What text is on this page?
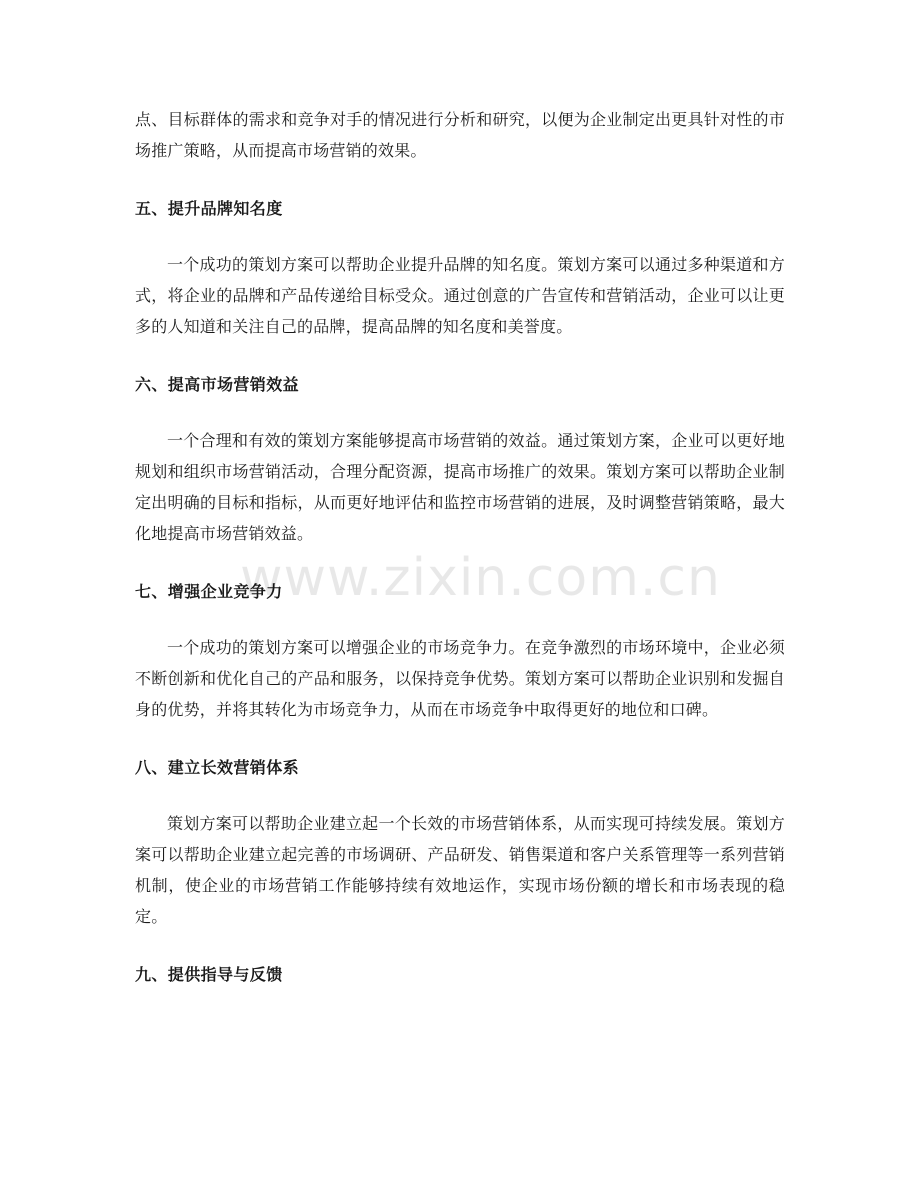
点、目标群体的需求和竞争对手的情况进行分析和研究，以便为企业制定出更具针对性的市场推广策略，从而提高市场营销的效果。

五、提升品牌知名度

一个成功的策划方案可以帮助企业提升品牌的知名度。策划方案可以通过多种渠道和方式，将企业的品牌和产品传递给目标受众。通过创意的广告宣传和营销活动，企业可以让更多的人知道和关注自己的品牌，提高品牌的知名度和美誉度。

六、提高市场营销效益

一个合理和有效的策划方案能够提高市场营销的效益。通过策划方案，企业可以更好地规划和组织市场营销活动，合理分配资源，提高市场推广的效果。策划方案可以帮助企业制定出明确的目标和指标，从而更好地评估和监控市场营销的进展，及时调整营销策略，最大化地提高市场营销效益。

七、增强企业竞争力

一个成功的策划方案可以增强企业的市场竞争力。在竞争激烈的市场环境中，企业必须不断创新和优化自己的产品和服务，以保持竞争优势。策划方案可以帮助企业识别和发掘自身的优势，并将其转化为市场竞争力，从而在市场竞争中取得更好的地位和口碑。

八、建立长效营销体系

策划方案可以帮助企业建立起一个长效的市场营销体系，从而实现可持续发展。策划方案可以帮助企业建立起完善的市场调研、产品研发、销售渠道和客户关系管理等一系列营销机制，使企业的市场营销工作能够持续有效地运作，实现市场份额的增长和市场表现的稳定。

九、提供指导与反馈
www.zixin.com.cn
